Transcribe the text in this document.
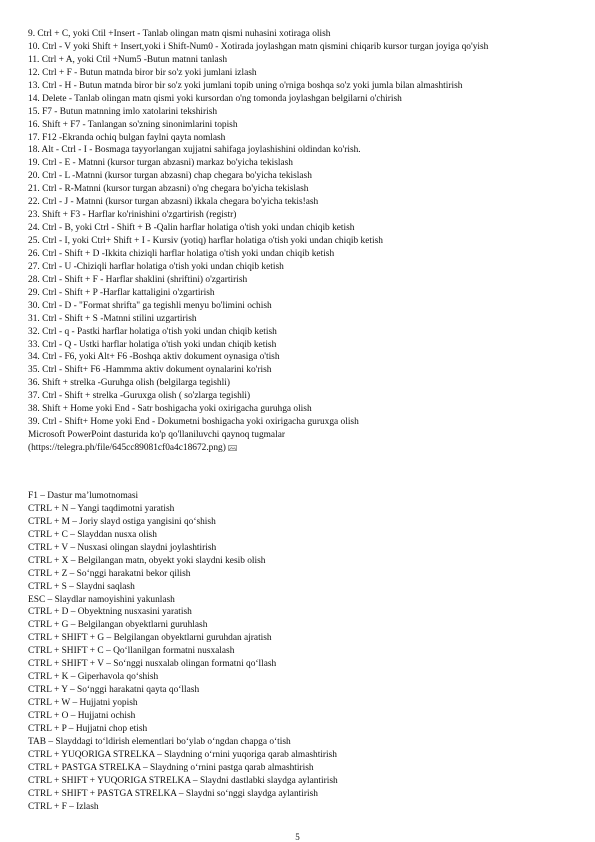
9. Ctrl + C, yoki Ctil +Insert - Tanlab olingan matn qismi nuhasini xotiraga olish
10. Ctrl - V yoki Shift + Insert,yoki i Shift-Num0 - Xotirada joylashgan matn qismini chiqarib kursor turgan joyiga qo'yish
11. Ctrl + A, yoki Ctil +Num5 -Butun matnni tanlash
12. Ctrl + F - Butun matnda biror bir so'z yoki jumlani izlash
13. Ctrl - H - Butun matnda biror bir so'z yoki jumlani topib uning o'rniga boshqa so'z yoki jumla bilan almashtirish
14. Delete - Tanlab olingan matn qismi yoki kursordan o'ng tomonda joylashgan belgilarni o'chirish
15. F7 - Butun matnning imlo xatolarini tekshirish
16. Shift + F7 - Tanlangan so'zning sinonimlarini topish
17. F12 -Ekranda ochiq bulgan faylni qayta nomlash
18. Alt - Ctrl - I - Bosmaga tayyorlangan xujjatni sahifaga joylashishini oldindan ko'rish.
19. Ctrl - E - Matnni (kursor turgan abzasni) markaz bo'yicha tekislash
20. Ctrl - L -Matnni (kursor turgan abzasni) chap chegara bo'yicha tekislash
21. Ctrl - R-Matnni (kursor turgan abzasni) o'ng chegara bo'yicha tekislash
22. Ctrl - J - Matnni (kursor turgan abzasni) ikkala chegara bo'yicha tekis!ash
23. Shift + F3 - Harflar ko'rinishini o'zgartirish (registr)
24. Ctrl - B, yoki Ctrl - Shift + B -Qalin harflar holatiga o'tish yoki undan chiqib ketish
25. Ctrl - I, yoki Ctrl+ Shift + I - Kursiv (yotiq) harflar holatiga o'tish yoki undan chiqib ketish
26. Ctrl - Shift + D -Ikkita chiziqli harflar holatiga o'tish yoki undan chiqib ketish
27. Ctrl - U -Chiziqli harflar holatiga o'tish yoki undan chiqib ketish
28. Ctrl - Shift + F - Harflar shaklini (shriftini) o'zgartirish
29. Ctrl - Shift + P -Harflar kattaligini o'zgartirish
30. Ctrl - D - "Format shrifta" ga tegishli menyu bo'limini ochish
31. Ctrl - Shift + S -Matnni stilini uzgartirish
32. Ctrl - q - Pastki harflar holatiga o'tish yoki undan chiqib ketish
33. Ctrl - Q - Ustki harflar holatiga o'tish yoki undan chiqib ketish
34. Ctrl - F6, yoki Alt+ F6 -Boshqa aktiv dokument oynasiga o'tish
35. Ctrl - Shift+ F6 -Hammma aktiv dokument oynalarini ko'rish
36. Shift + strelka -Guruhga olish (belgilarga tegishli)
37. Ctrl - Shift + strelka -Guruxga olish ( so'zlarga tegishli)
38. Shift + Home yoki End - Satr boshigacha yoki oxirigacha guruhga olish
39. Ctrl - Shift+ Home yoki End - Dokumetni boshigacha yoki oxirigacha guruxga olish
Microsoft PowerPoint dasturida ko'p qo'llaniluvchi qaynoq tugmalar
(https://telegra.ph/file/645cc89081cf0a4c18672.png)
F1 – Dastur ma’lumotnomasi
CTRL + N – Yangi taqdimotni yaratish
CTRL + M – Joriy slayd ostiga yangisini qo‘shish
CTRL + C – Slayddan nusxa olish
CTRL + V – Nusxasi olingan slaydni joylashtirish
CTRL + X – Belgilangan matn, obyekt yoki slaydni kesib olish
CTRL + Z – So‘nggi harakatni bekor qilish
CTRL + S – Slaydni saqlash
ESC – Slaydlar namoyishini yakunlash
CTRL + D – Obyektning nusxasini yaratish
CTRL + G – Belgilangan obyektlarni guruhlash
CTRL + SHIFT + G – Belgilangan obyektlarni guruhdan ajratish
CTRL + SHIFT + C – Qo‘llanilgan formatni nusxalash
CTRL + SHIFT + V – So‘nggi nusxalab olingan formatni qo‘llash
CTRL + K – Giperhavola qo‘shish
CTRL + Y – So‘nggi harakatni qayta qo‘llash
CTRL + W – Hujjatni yopish
CTRL + O – Hujjatni ochish
CTRL + P – Hujjatni chop etish
TAB – Slayddagi to‘ldirish elementlari bo‘ylab o‘ngdan chapga o‘tish
CTRL + YUQORIGA STRELKA – Slaydning o‘rnini yuqoriga qarab almashtirish
CTRL + PASTGA STRELKA – Slaydning o‘rnini pastga qarab almashtirish
CTRL + SHIFT + YUQORIGA STRELKA – Slaydni dastlabki slaydga aylantirish
CTRL + SHIFT + PASTGA STRELKA – Slaydni so‘nggi slaydga aylantirish
CTRL + F – Izlash
5
